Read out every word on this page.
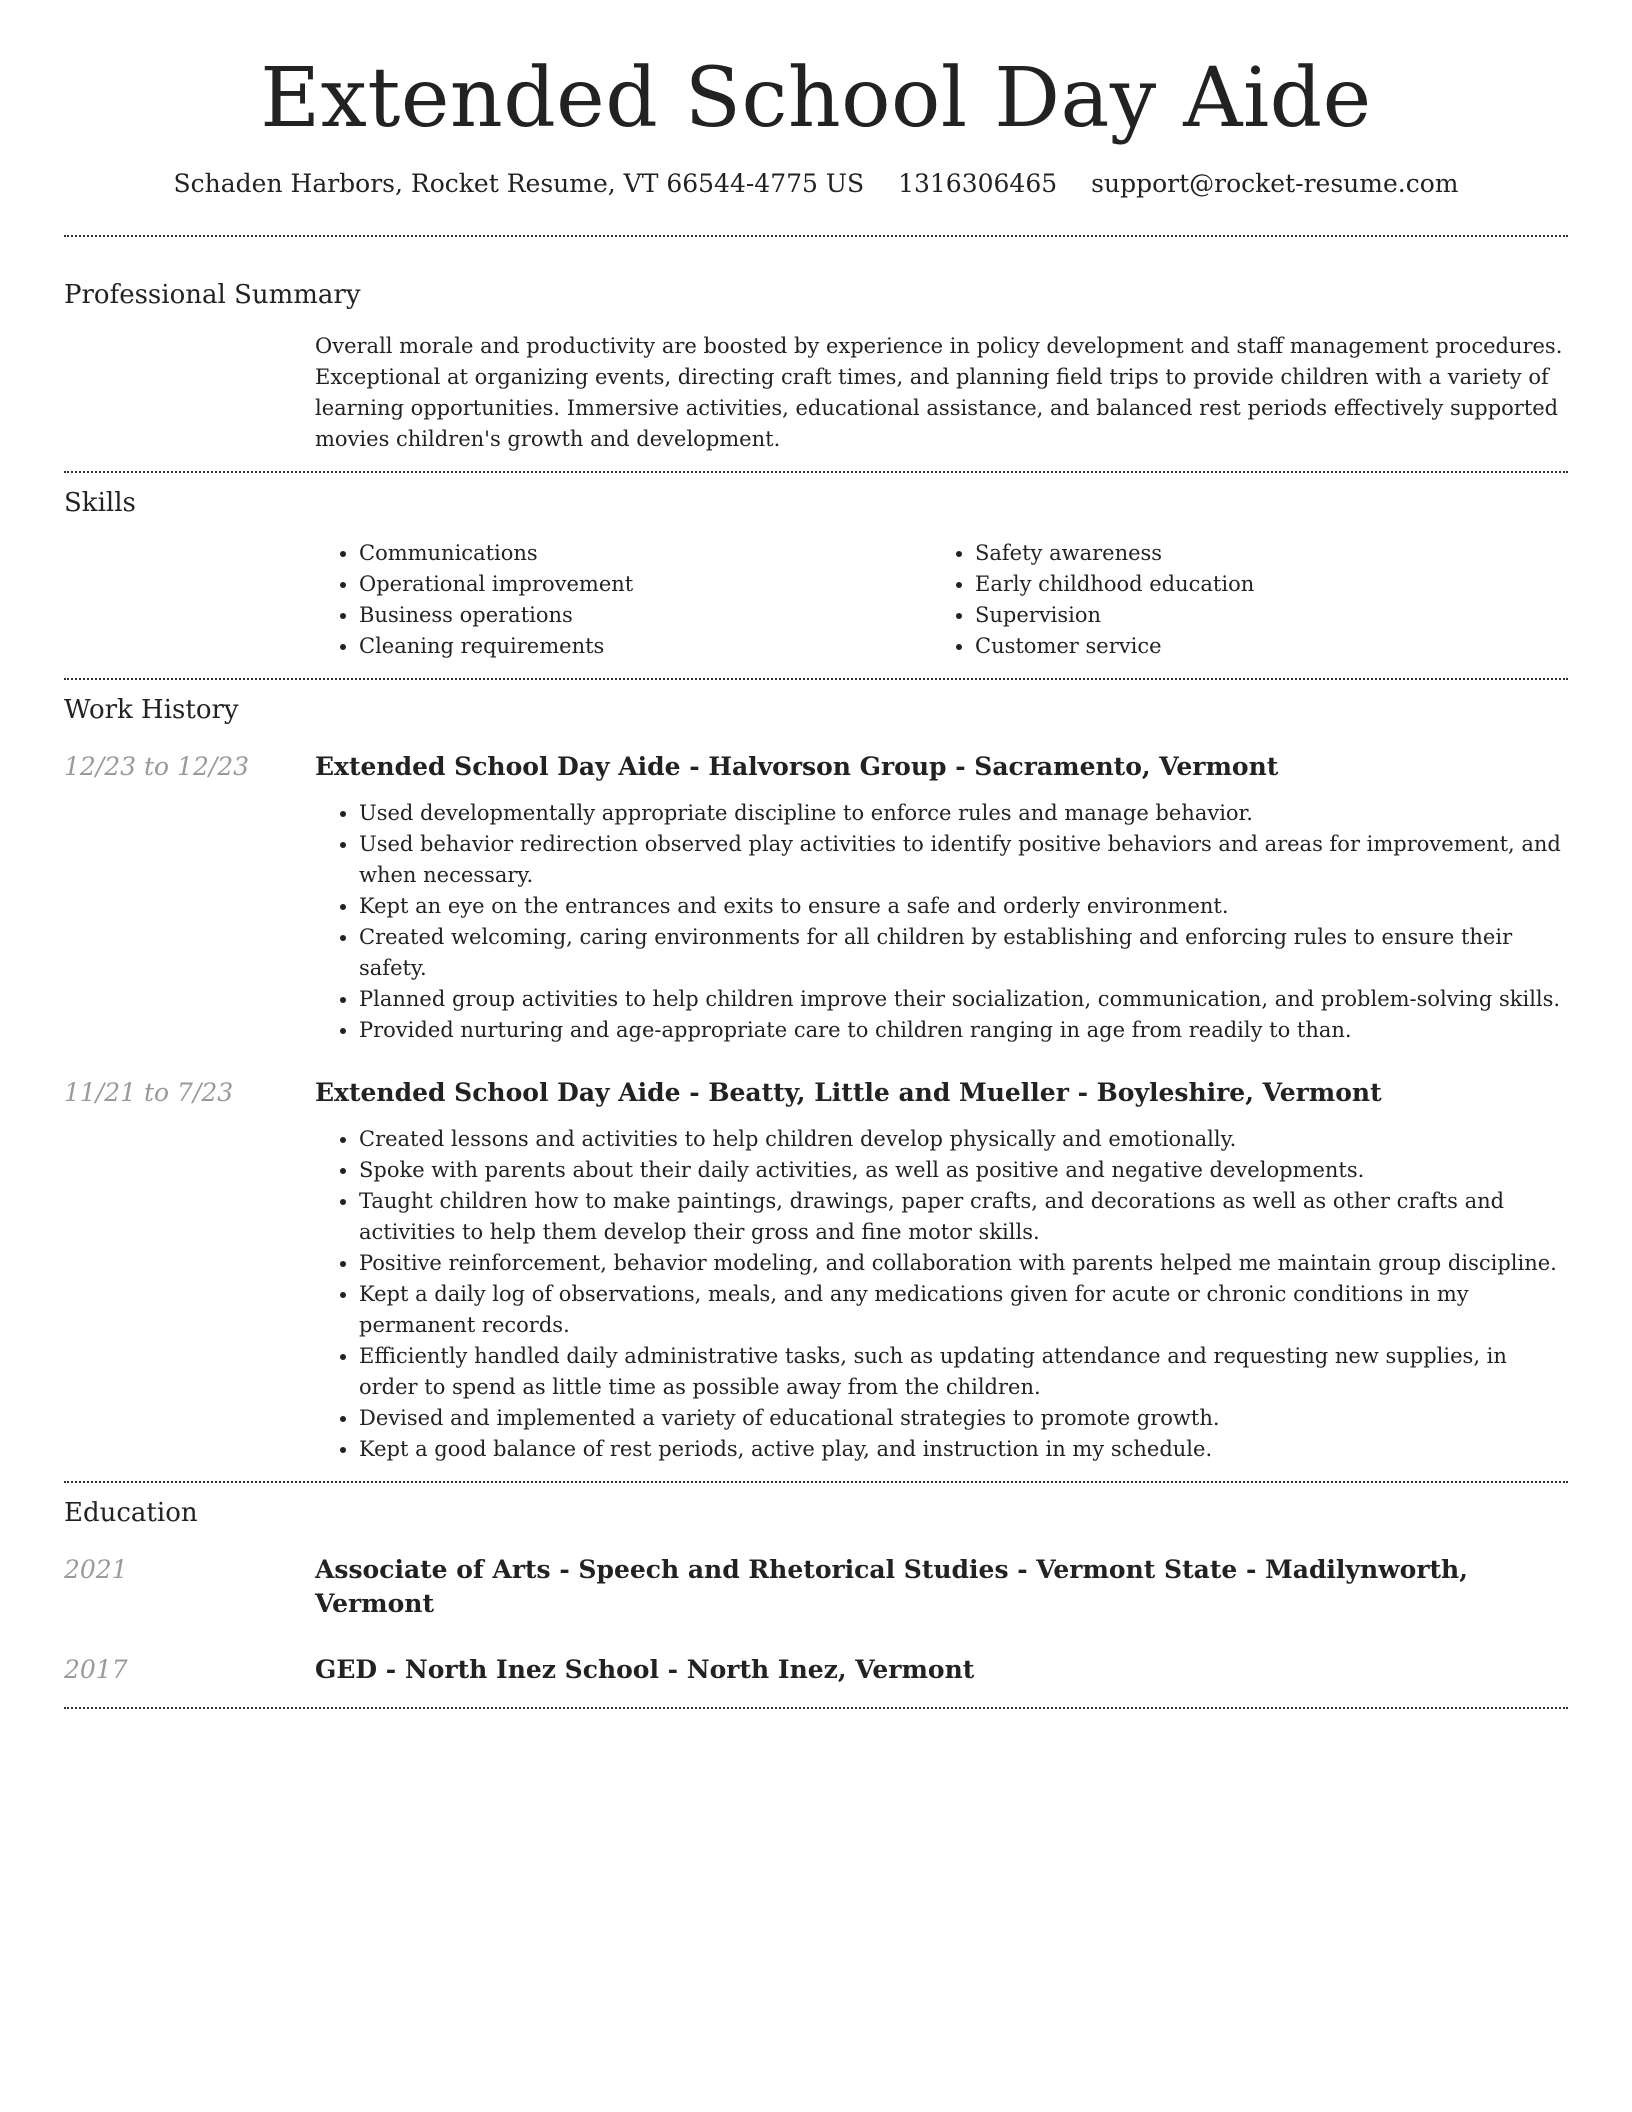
Extended School Day Aide
Schaden Harbors, Rocket Resume, VT 66544-4775 US 1316306465 support@rocket-resume.com
Professional Summary

Overall morale and productivity are boosted by experience in policy development and staff management procedures. Exceptional at organizing events, directing craft times, and planning field trips to provide children with a variety of learning opportunities. Immersive activities, educational assistance, and balanced rest periods effectively supported movies children's growth and development.

Skills
• Communications
• Operational improvement
• Business operations
• Cleaning requirements
• Safety awareness
• Early childhood education
• Supervision
• Customer service
Work History
12/23 to 12/23	Extended School Day Aide - Halvorson Group - Sacramento, Vermont
• Used developmentally appropriate discipline to enforce rules and manage behavior.
• Used behavior redirection observed play activities to identify positive behaviors and areas for improvement, and when necessary.
• Kept an eye on the entrances and exits to ensure a safe and orderly environment.
• Created welcoming, caring environments for all children by establishing and enforcing rules to ensure their safety.
• Planned group activities to help children improve their socialization, communication, and problem-solving skills.
• Provided nurturing and age-appropriate care to children ranging in age from readily to than.
11/21 to 7/23	Extended School Day Aide - Beatty, Little and Mueller - Boyleshire, Vermont
• Created lessons and activities to help children develop physically and emotionally.
• Spoke with parents about their daily activities, as well as positive and negative developments.
• Taught children how to make paintings, drawings, paper crafts, and decorations as well as other crafts and activities to help them develop their gross and fine motor skills.
• Positive reinforcement, behavior modeling, and collaboration with parents helped me maintain group discipline.
• Kept a daily log of observations, meals, and any medications given for acute or chronic conditions in my permanent records.
• Efficiently handled daily administrative tasks, such as updating attendance and requesting new supplies, in order to spend as little time as possible away from the children.
• Devised and implemented a variety of educational strategies to promote growth.
• Kept a good balance of rest periods, active play, and instruction in my schedule.
Education
2021	Associate of Arts - Speech and Rhetorical Studies - Vermont State - Madilynworth, Vermont
2017	GED - North Inez School - North Inez, Vermont
